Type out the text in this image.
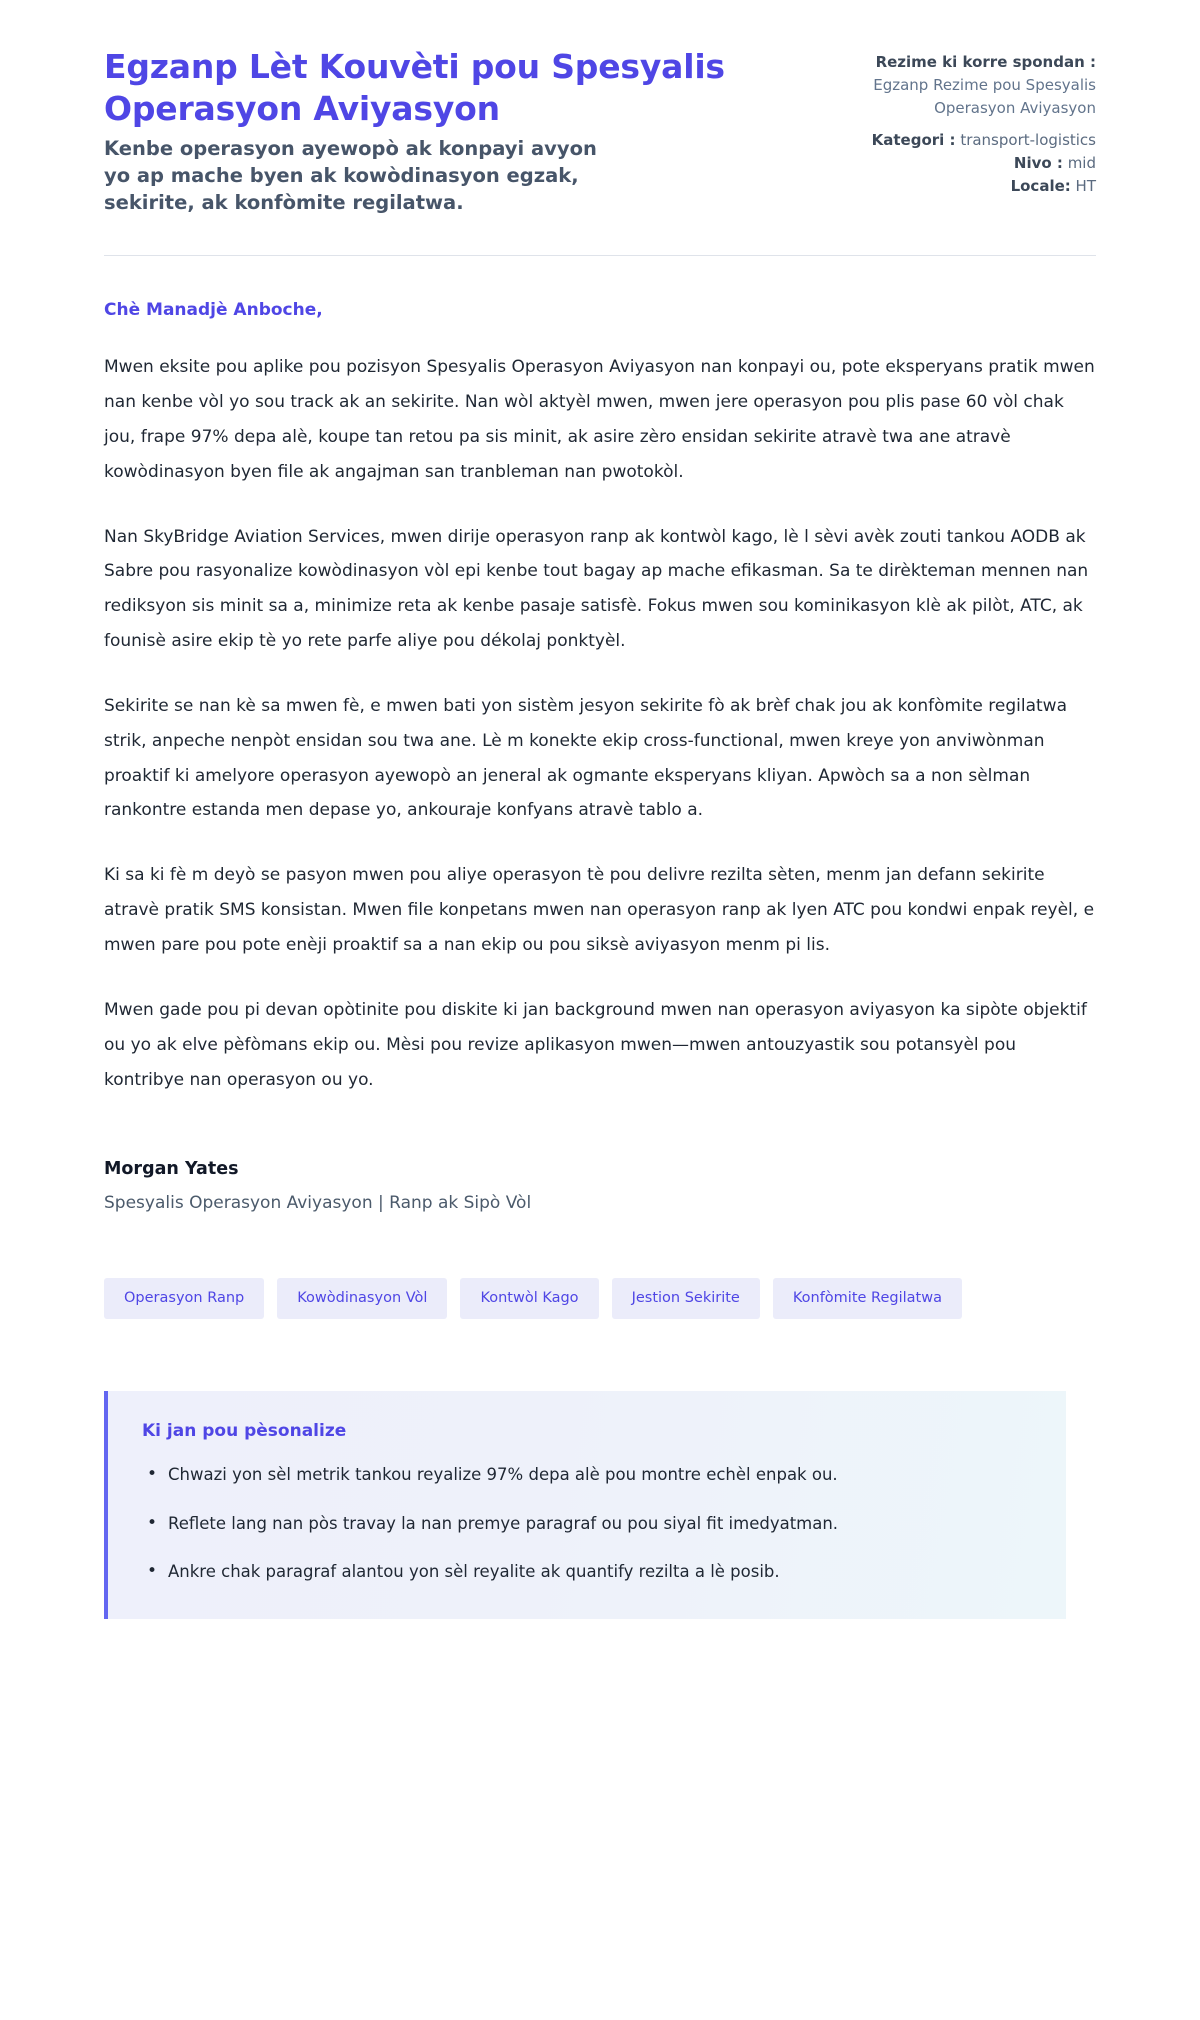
Egzanp Lèt Kouvèti pou Spesyalis Operasyon Aviyasyon

Kenbe operasyon ayewopò ak konpayi avyon yo ap mache byen ak kowòdinasyon egzak, sekirite, ak konfòmite regilatwa.

Rezime ki korre spondan :
Egzanp Rezime pou Spesyalis Operasyon Aviyasyon

Kategori : transport-logistics

Nivo : mid

Locale: HT

Chè Manadjè Anboche,

Mwen eksite pou aplike pou pozisyon Spesyalis Operasyon Aviyasyon nan konpayi ou, pote eksperyans pratik mwen nan kenbe vòl yo sou track ak an sekirite. Nan wòl aktyèl mwen, mwen jere operasyon pou plis pase 60 vòl chak jou, frape 97% depa alè, koupe tan retou pa sis minit, ak asire zèro ensidan sekirite atravè twa ane atravè kowòdinasyon byen file ak angajman san tranbleman nan pwotokòl.

Nan SkyBridge Aviation Services, mwen dirije operasyon ranp ak kontwòl kago, lè l sèvi avèk zouti tankou AODB ak Sabre pou rasyonalize kowòdinasyon vòl epi kenbe tout bagay ap mache efikasman. Sa te dirèkteman mennen nan rediksyon sis minit sa a, minimize reta ak kenbe pasaje satisfè. Fokus mwen sou kominikasyon klè ak pilòt, ATC, ak founisè asire ekip tè yo rete parfe aliye pou dékolaj ponktyèl.

Sekirite se nan kè sa mwen fè, e mwen bati yon sistèm jesyon sekirite fò ak brèf chak jou ak konfòmite regilatwa strik, anpeche nenpòt ensidan sou twa ane. Lè m konekte ekip cross-functional, mwen kreye yon anviwònman proaktif ki amelyore operasyon ayewopò an jeneral ak ogmante eksperyans kliyan. Apwòch sa a non sèlman rankontre estanda men depase yo, ankouraje konfyans atravè tablo a.

Ki sa ki fè m deyò se pasyon mwen pou aliye operasyon tè pou delivre rezilta sèten, menm jan defann sekirite atravè pratik SMS konsistan. Mwen file konpetans mwen nan operasyon ranp ak lyen ATC pou kondwi enpak reyèl, e mwen pare pou pote enèji proaktif sa a nan ekip ou pou siksè aviyasyon menm pi lis.

Mwen gade pou pi devan opòtinite pou diskite ki jan background mwen nan operasyon aviyasyon ka sipòte objektif ou yo ak elve pèfòmans ekip ou. Mèsi pou revize aplikasyon mwen—mwen antouzyastik sou potansyèl pou kontribye nan operasyon ou yo.

Morgan Yates

Spesyalis Operasyon Aviyasyon | Ranp ak Sipò Vòl

Operasyon Ranp	Kowòdinasyon Vòl	Kontwòl Kago	Jestion Sekirite	Konfòmite Regilatwa

Ki jan pou pèsonalize

• Chwazi yon sèl metrik tankou reyalize 97% depa alè pou montre echèl enpak ou.
• Reflete lang nan pòs travay la nan premye paragraf ou pou siyal fit imedyatman.
• Ankre chak paragraf alantou yon sèl reyalite ak quantify rezilta a lè posib.
